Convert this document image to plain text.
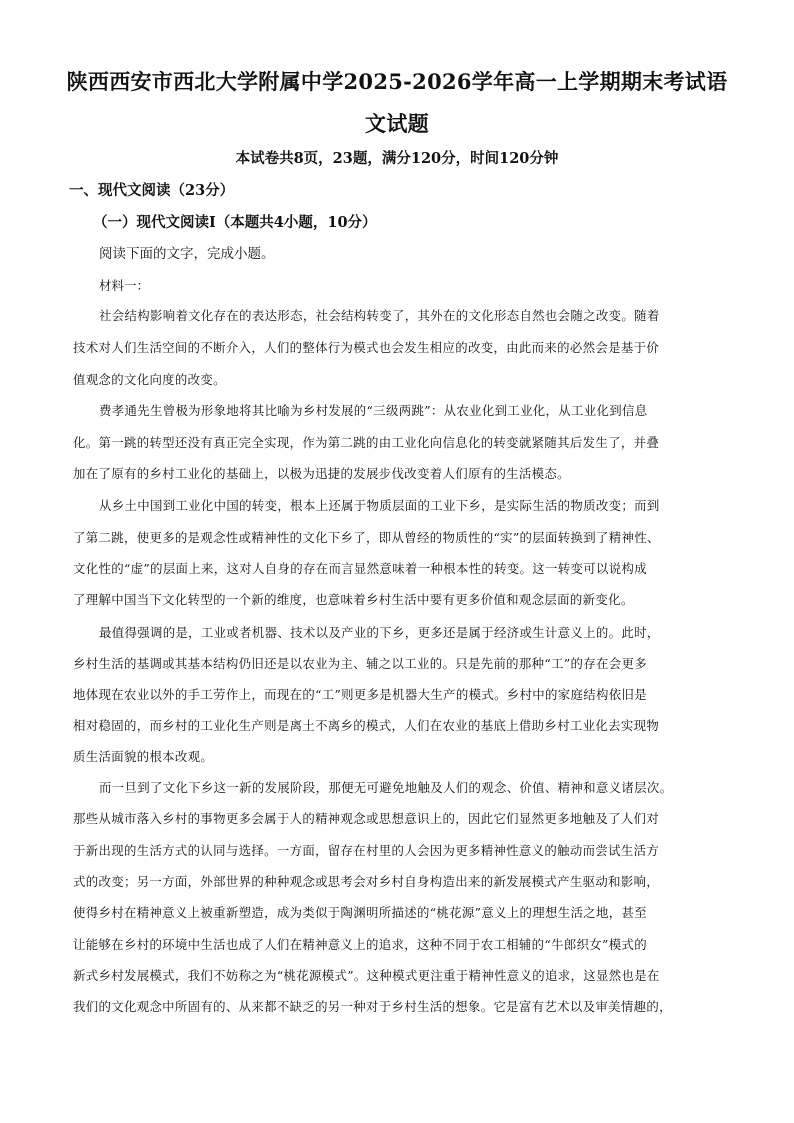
陕西西安市西北大学附属中学2025-2026学年高一上学期期末考试语
文试题
本试卷共8页，23题，满分120分，时间120分钟
一、现代文阅读（23分）
（一）现代文阅读Ⅰ（本题共4小题，10分）
阅读下面的文字，完成小题。
材料一：
社会结构影响着文化存在的表达形态，社会结构转变了，其外在的文化形态自然也会随之改变。随着
技术对人们生活空间的不断介入，人们的整体行为模式也会发生相应的改变，由此而来的必然会是基于价
值观念的文化向度的改变。
费孝通先生曾极为形象地将其比喻为乡村发展的“三级两跳”：从农业化到工业化，从工业化到信息
化。第一跳的转型还没有真正完全实现，作为第二跳的由工业化向信息化的转变就紧随其后发生了，并叠
加在了原有的乡村工业化的基础上，以极为迅捷的发展步伐改变着人们原有的生活模态。
从乡土中国到工业化中国的转变，根本上还属于物质层面的工业下乡，是实际生活的物质改变；而到
了第二跳，使更多的是观念性或精神性的文化下乡了，即从曾经的物质性的“实”的层面转换到了精神性、
文化性的“虚”的层面上来，这对人自身的存在而言显然意味着一种根本性的转变。这一转变可以说构成
了理解中国当下文化转型的一个新的维度，也意味着乡村生活中要有更多价值和观念层面的新变化。
最值得强调的是，工业或者机器、技术以及产业的下乡，更多还是属于经济或生计意义上的。此时，
乡村生活的基调或其基本结构仍旧还是以农业为主、辅之以工业的。只是先前的那种“工”的存在会更多
地体现在农业以外的手工劳作上，而现在的“工”则更多是机器大生产的模式。乡村中的家庭结构依旧是
相对稳固的，而乡村的工业化生产则是离土不离乡的模式，人们在农业的基底上借助乡村工业化去实现物
质生活面貌的根本改观。
而一旦到了文化下乡这一新的发展阶段，那便无可避免地触及人们的观念、价值、精神和意义诸层次。
那些从城市落入乡村的事物更多会属于人的精神观念或思想意识上的，因此它们显然更多地触及了人们对
于新出现的生活方式的认同与选择。一方面，留存在村里的人会因为更多精神性意义的触动而尝试生活方
式的改变；另一方面，外部世界的种种观念或思考会对乡村自身构造出来的新发展模式产生驱动和影响，
使得乡村在精神意义上被重新塑造，成为类似于陶渊明所描述的“桃花源”意义上的理想生活之地，甚至
让能够在乡村的环境中生活也成了人们在精神意义上的追求，这种不同于农工相辅的“牛郎织女”模式的
新式乡村发展模式，我们不妨称之为“桃花源模式”。这种模式更注重于精神性意义的追求，这显然也是在
我们的文化观念中所固有的、从来都不缺乏的另一种对于乡村生活的想象。它是富有艺术以及审美情趣的，
